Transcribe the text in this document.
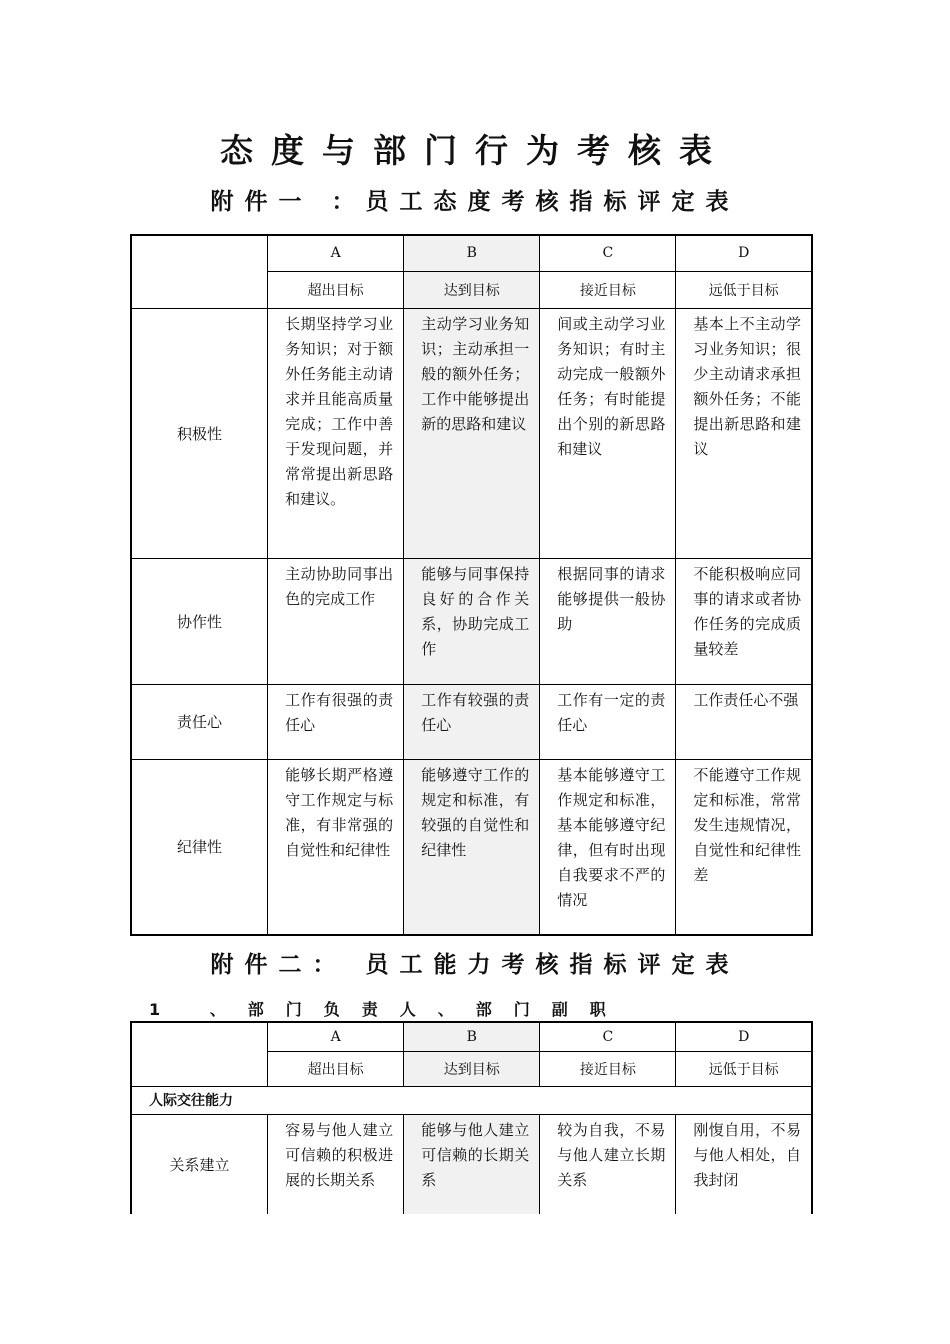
态度与部门行为考核表
附件一 ：员工态度考核指标评定表
	A	B	C	D
	超出目标	达到目标	接近目标	远低于目标
积极性	长期坚持学习业务知识；对于额外任务能主动请求并且能高质量完成；工作中善于发现问题，并常常提出新思路和建议。	主动学习业务知识；主动承担一般的额外任务；工作中能够提出新的思路和建议	间或主动学习业务知识；有时主动完成一般额外任务；有时能提出个别的新思路和建议	基本上不主动学习业务知识；很少主动请求承担额外任务；不能提出新思路和建议
协作性	主动协助同事出色的完成工作	能够与同事保持良好的合作关系，协助完成工作	根据同事的请求能够提供一般协助	不能积极响应同事的请求或者协作任务的完成质量较差
责任心	工作有很强的责任心	工作有较强的责任心	工作有一定的责任心	工作责任心不强
纪律性	能够长期严格遵守工作规定与标准，有非常强的自觉性和纪律性	能够遵守工作的规定和标准，有较强的自觉性和纪律性	基本能够遵守工作规定和标准，基本能够遵守纪律，但有时出现自我要求不严的情况	不能遵守工作规定和标准，常常发生违规情况，自觉性和纪律性差
附件二： 员工能力考核指标评定表
1 、部门负责人、部门副职
	A	B	C	D
	超出目标	达到目标	接近目标	远低于目标
人际交往能力				
关系建立	容易与他人建立可信赖的积极进展的长期关系	能够与他人建立可信赖的长期关系	较为自我，不易与他人建立长期关系	刚愎自用，不易与他人相处，自我封闭
